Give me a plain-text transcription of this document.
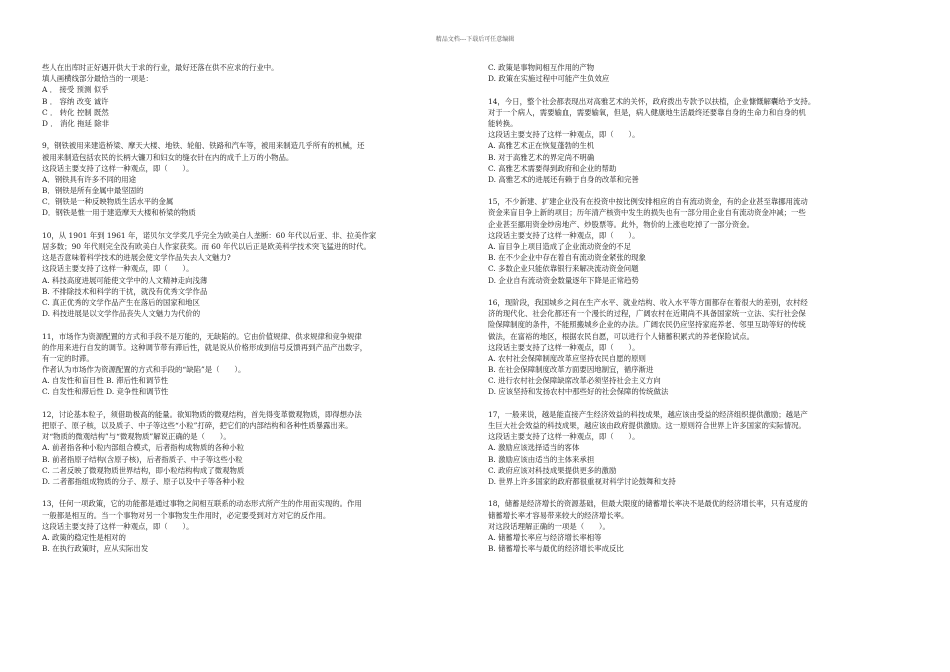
精品文档---下载后可任意编辑
些人在出库时正好遇开供大于求的行业，最好还落在供不应求的行业中。
填人画横线部分最恰当的一项是：
A ． 接受 预测 似乎
B ． 容纳 改变 诚许
C ． 转化 控制 既然
D ． 消化 拖延 除非
9，钢铁被用来建造桥梁、摩天大楼、地铁、轮船、铁路和汽车等，被用来制造几乎所有的机械，还
被用来制造包括农民的长柄大镰刀和妇女的缝衣针在内的成千上万的小物品。
这段话主要支持了这样一种观点，即（　　）。
A．钢铁具有许多不同的用途
B．钢铁是所有金属中最坚固的
C．钢铁是一种反映物质生活水平的金属
D．钢铁是惟一用于建造摩天大楼和桥梁的物质
10，从 1901 年到 1961 年，诺贝尔文学奖几乎完全为欧美白人垄断：60 年代以后亚、非、拉美作家
居多数；90 年代则完全没有欧美白人作家获奖。而 60 年代以后正是欧美科学技术突飞猛进的时代。
这是否意味着科学技术的进展会使文学作品失去人文魅力?
这段话主要支持了这样一种观点，即（　　）。
A. 科技高度进展可能使文学中的人文精神走向浅薄
B. 不排除技术和科学的干扰，就没有优秀文学作品
C. 真正优秀的文学作品产生在落后的国家和地区
D. 科技进展是以文学作品丧失人文魅力为代价的
11，市场作为资源配置的方式和手段不是万能的，无缺陷的。它由价值规律、供求规律和竞争规律
的作用来进行自发的调节。这种调节带有滞后性，就是说从价格形成到信号反馈再到产品产出数字，
有一定的时滞。
作者认为市场作为资源配置的方式和手段的“缺陷”是（　　）。
A. 自发性和盲目性 B. 滞后性和调节性
C. 自发性和滞后性 D. 竞争性和调节性
12，讨论基本粒子，须借助极高的能量。欲知物质的微观结构，首先得变革微观物质，即得想办法
把原子、原子核，以及质子、中子等这些“小粒”打碎，把它们的内部结构和各种性质暴露出来。
对“物质的微观结构”与“微观物质”解说正确的是（　　）。
A. 前者指各种小粒内部组合模式，后者指构成物质的各种小粒
B. 前者指原子结构(含原子核)，后者指质子、中子等这些小粒
C. 二者反映了微观物质世界结构，即小粒结构构成了微观物质
D. 二者都指组成物质的分子、原子、原子以及中子等各种小粒
13，任何一项政策，它的功能都是通过事物之间相互联系的动态形式所产生的作用而实现的。作用
一般都是相互的。当一个事物对另一个事物发生作用时，必定要受到对方对它的反作用。
这段话主要支持了这样一种观点，即（　　）。
A. 政策的稳定性是相对的
B. 在执行政策时，应从实际出发
C. 政策是事物间相互作用的产物
D. 政策在实施过程中可能产生负效应
14，今日，整个社会都表现出对高雅艺术的关怀，政府拨出专款予以扶植，企业慷慨解囊给予支持。
对于一个病人，需要输血，需要输氧，但是，病人健康地生活最终还要靠自身的生命力和自身的机
能转换。
这段话主要支持了这样一种观点，即（　　）。
A. 高雅艺术正在恢复蓬勃的生机
B. 对于高雅艺术的界定尚不明确
C. 高雅艺术需要得到政府和企业的帮助
D. 高雅艺术的进展还有赖于自身的改革和完善
15，不少新建、扩建企业没有在投资中按比例安排相应的自有流动资金，有的企业甚至靠挪用流动
资金来盲目争上新的项目；历年清产核资中发生的损失也有一部分用企业自有流动资金冲减；一些
企业甚至挪用资金炒房地产、炒股票等。此外，物价的上涨也吃掉了一部分资金。
这段话主要支持了这样一种观点，即（　　）。
A. 盲目争上项目造成了企业流动资金的不足
B. 在不少企业中存在着自有流动资金紧张的现象
C. 多数企业只能依靠银行来解决流动资金问题
D. 企业自有流动资金数量逐年下降是正常趋势
16，现阶段，我国城乡之间在生产水平、就业结构、收入水平等方面都存在着很大的差别，农村经
济的现代化、社会化都还有一个漫长的过程，广阔农村在近期尚不具备国家统一立法、实行社会保
险保障制度的条件，不能照搬城乡企业的办法。广阔农民仍应坚持家庭养老、邻里互助等好的传统
做法，在富裕的地区，根据农民自愿，可以进行个人储蓄积累式的养老保险试点。
这段话主要支持了这样一种观点，即（　　）。
A. 农村社会保障制度改革应坚持农民自愿的原则
B. 在社会保障制度改革方面要因地制宜，循序渐进
C. 进行农村社会保障缺席改革必须坚持社会主义方向
D. 应该坚持和发扬农村中那些好的社会保障的传统做法
17，一般来说，越是能直接产生经济效益的科技成果，越应该由受益的经济组织提供激励；越是产
生巨大社会效益的科技成果，越应该由政府提供激励。这一原则符合世界上许多国家的实际情况。
这段话主要支持了这样一种观点，即（　　）。
A. 激励应该选择适当的客体
B. 激励应该由适当的主体来承担
C. 政府应该对科技成果提供更多的激励
D. 世界上许多国家的政府都很重视对科学讨论鼓舞和支持
18，储蓄是经济增长的资源基础，但最大限度的储蓄增长率决不是最优的经济增长率，只有适度的
储蓄增长率才容易带来较大的经济增长率。
对这段话理解正确的一项是（　　）。
A. 储蓄增长率应与经济增长率相等
B. 储蓄增长率与最优的经济增长率成反比
